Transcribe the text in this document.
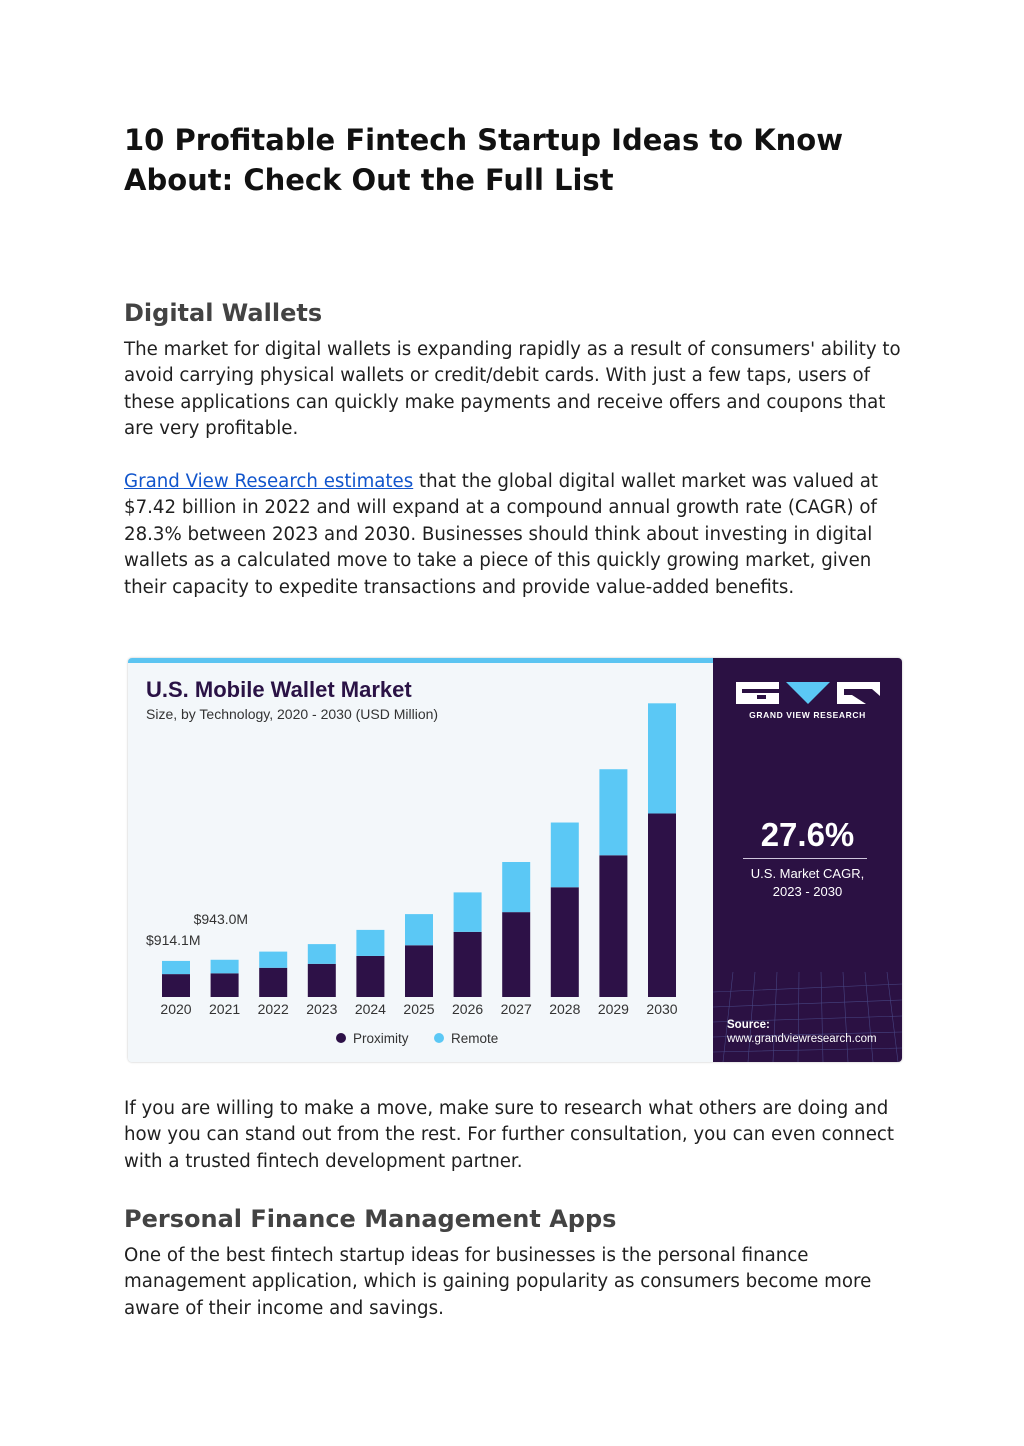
10 Profitable Fintech Startup Ideas to Know About: Check Out the Full List
Digital Wallets

The market for digital wallets is expanding rapidly as a result of consumers' ability to avoid carrying physical wallets or credit/debit cards. With just a few taps, users of these applications can quickly make payments and receive offers and coupons that are very profitable.

Grand View Research estimates that the global digital wallet market was valued at $7.42 billion in 2022 and will expand at a compound annual growth rate (CAGR) of 28.3% between 2023 and 2030. Businesses should think about investing in digital wallets as a calculated move to take a piece of this quickly growing market, given their capacity to expedite transactions and provide value-added benefits.

If you are willing to make a move, make sure to research what others are doing and how you can stand out from the rest. For further consultation, you can even connect with a trusted fintech development partner.

Personal Finance Management Apps

One of the best fintech startup ideas for businesses is the personal finance management application, which is gaining popularity as consumers become more aware of their income and savings.

U.S. Mobile Wallet Market
Size, by Technology, 2020 - 2030 (USD Million)
2020 2021 2022 2023 2024 2025 2026 2027 2028 2029 2030
$914.1M
$943.0M
Proximity	Remote
GRAND VIEW RESEARCH
27.6%
U.S. Market CAGR,
2023 - 2030
Source:
www.grandviewresearch.com
